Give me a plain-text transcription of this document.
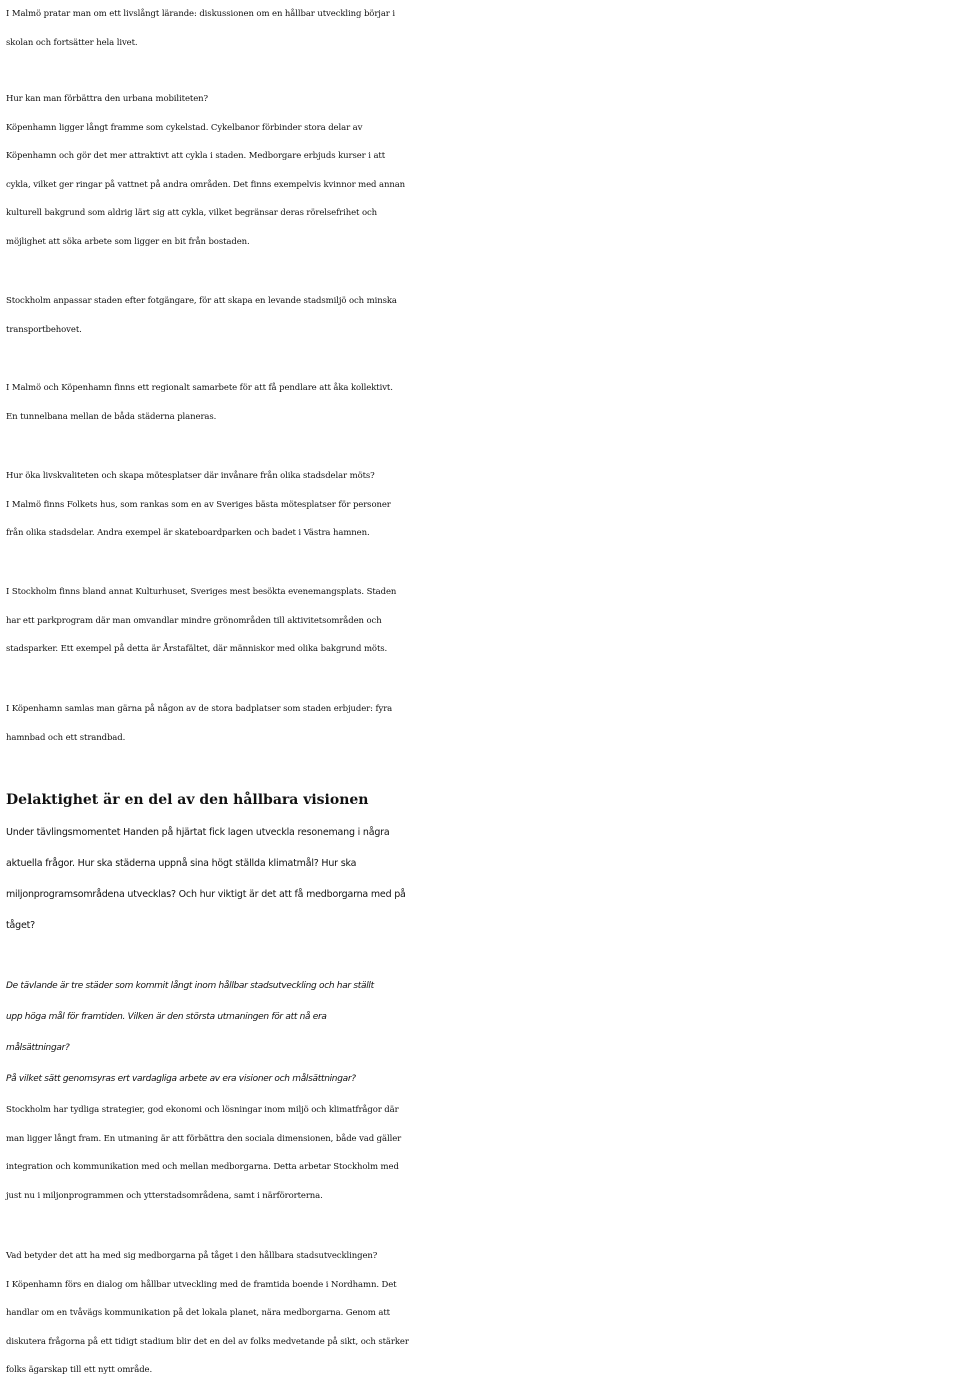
I Malmö pratar man om ett livslångt lärande: diskussionen om en hållbar utveckling börjar i
skolan och fortsätter hela livet.

Hur kan man förbättra den urbana mobiliteten?
Köpenhamn ligger långt framme som cykelstad. Cykelbanor förbinder stora delar av
Köpenhamn och gör det mer attraktivt att cykla i staden. Medborgare erbjuds kurser i att
cykla, vilket ger ringar på vattnet på andra områden. Det finns exempelvis kvinnor med annan
kulturell bakgrund som aldrig lärt sig att cykla, vilket begränsar deras rörelsefrihet och
möjlighet att söka arbete som ligger en bit från bostaden.

Stockholm anpassar staden efter fotgängare, för att skapa en levande stadsmiljö och minska
transportbehovet.

I Malmö och Köpenhamn finns ett regionalt samarbete för att få pendlare att åka kollektivt.
En tunnelbana mellan de båda städerna planeras.

Hur öka livskvaliteten och skapa mötesplatser där invånare från olika stadsdelar möts?
I Malmö finns Folkets hus, som rankas som en av Sveriges bästa mötesplatser för personer
från olika stadsdelar. Andra exempel är skateboardparken och badet i Västra hamnen.

I Stockholm finns bland annat Kulturhuset, Sveriges mest besökta evenemangsplats. Staden
har ett parkprogram där man omvandlar mindre grönområden till aktivitetsområden och
stadsparker. Ett exempel på detta är Årstafältet, där människor med olika bakgrund möts.

I Köpenhamn samlas man gärna på någon av de stora badplatser som staden erbjuder: fyra
hamnbad och ett strandbad.

Delaktighet är en del av den hållbara visionen

Under tävlingsmomentet Handen på hjärtat fick lagen utveckla resonemang i några
aktuella frågor. Hur ska städerna uppnå sina högt ställda klimatmål? Hur ska
miljonprogramsområdena utvecklas? Och hur viktigt är det att få medborgarna med på
tåget?

De tävlande är tre städer som kommit långt inom hållbar stadsutveckling och har ställt
upp höga mål för framtiden. Vilken är den största utmaningen för att nå era
målsättningar?
På vilket sätt genomsyras ert vardagliga arbete av era visioner och målsättningar?

Stockholm har tydliga strategier, god ekonomi och lösningar inom miljö och klimatfrågor där
man ligger långt fram. En utmaning är att förbättra den sociala dimensionen, både vad gäller
integration och kommunikation med och mellan medborgarna. Detta arbetar Stockholm med
just nu i miljonprogrammen och ytterstadsområdena, samt i närförorterna.

Vad betyder det att ha med sig medborgarna på tåget i den hållbara stadsutvecklingen?
I Köpenhamn förs en dialog om hållbar utveckling med de framtida boende i Nordhamn. Det
handlar om en tvåvägs kommunikation på det lokala planet, nära medborgarna. Genom att
diskutera frågorna på ett tidigt stadium blir det en del av folks medvetande på sikt, och stärker
folks ägarskap till ett nytt område.
